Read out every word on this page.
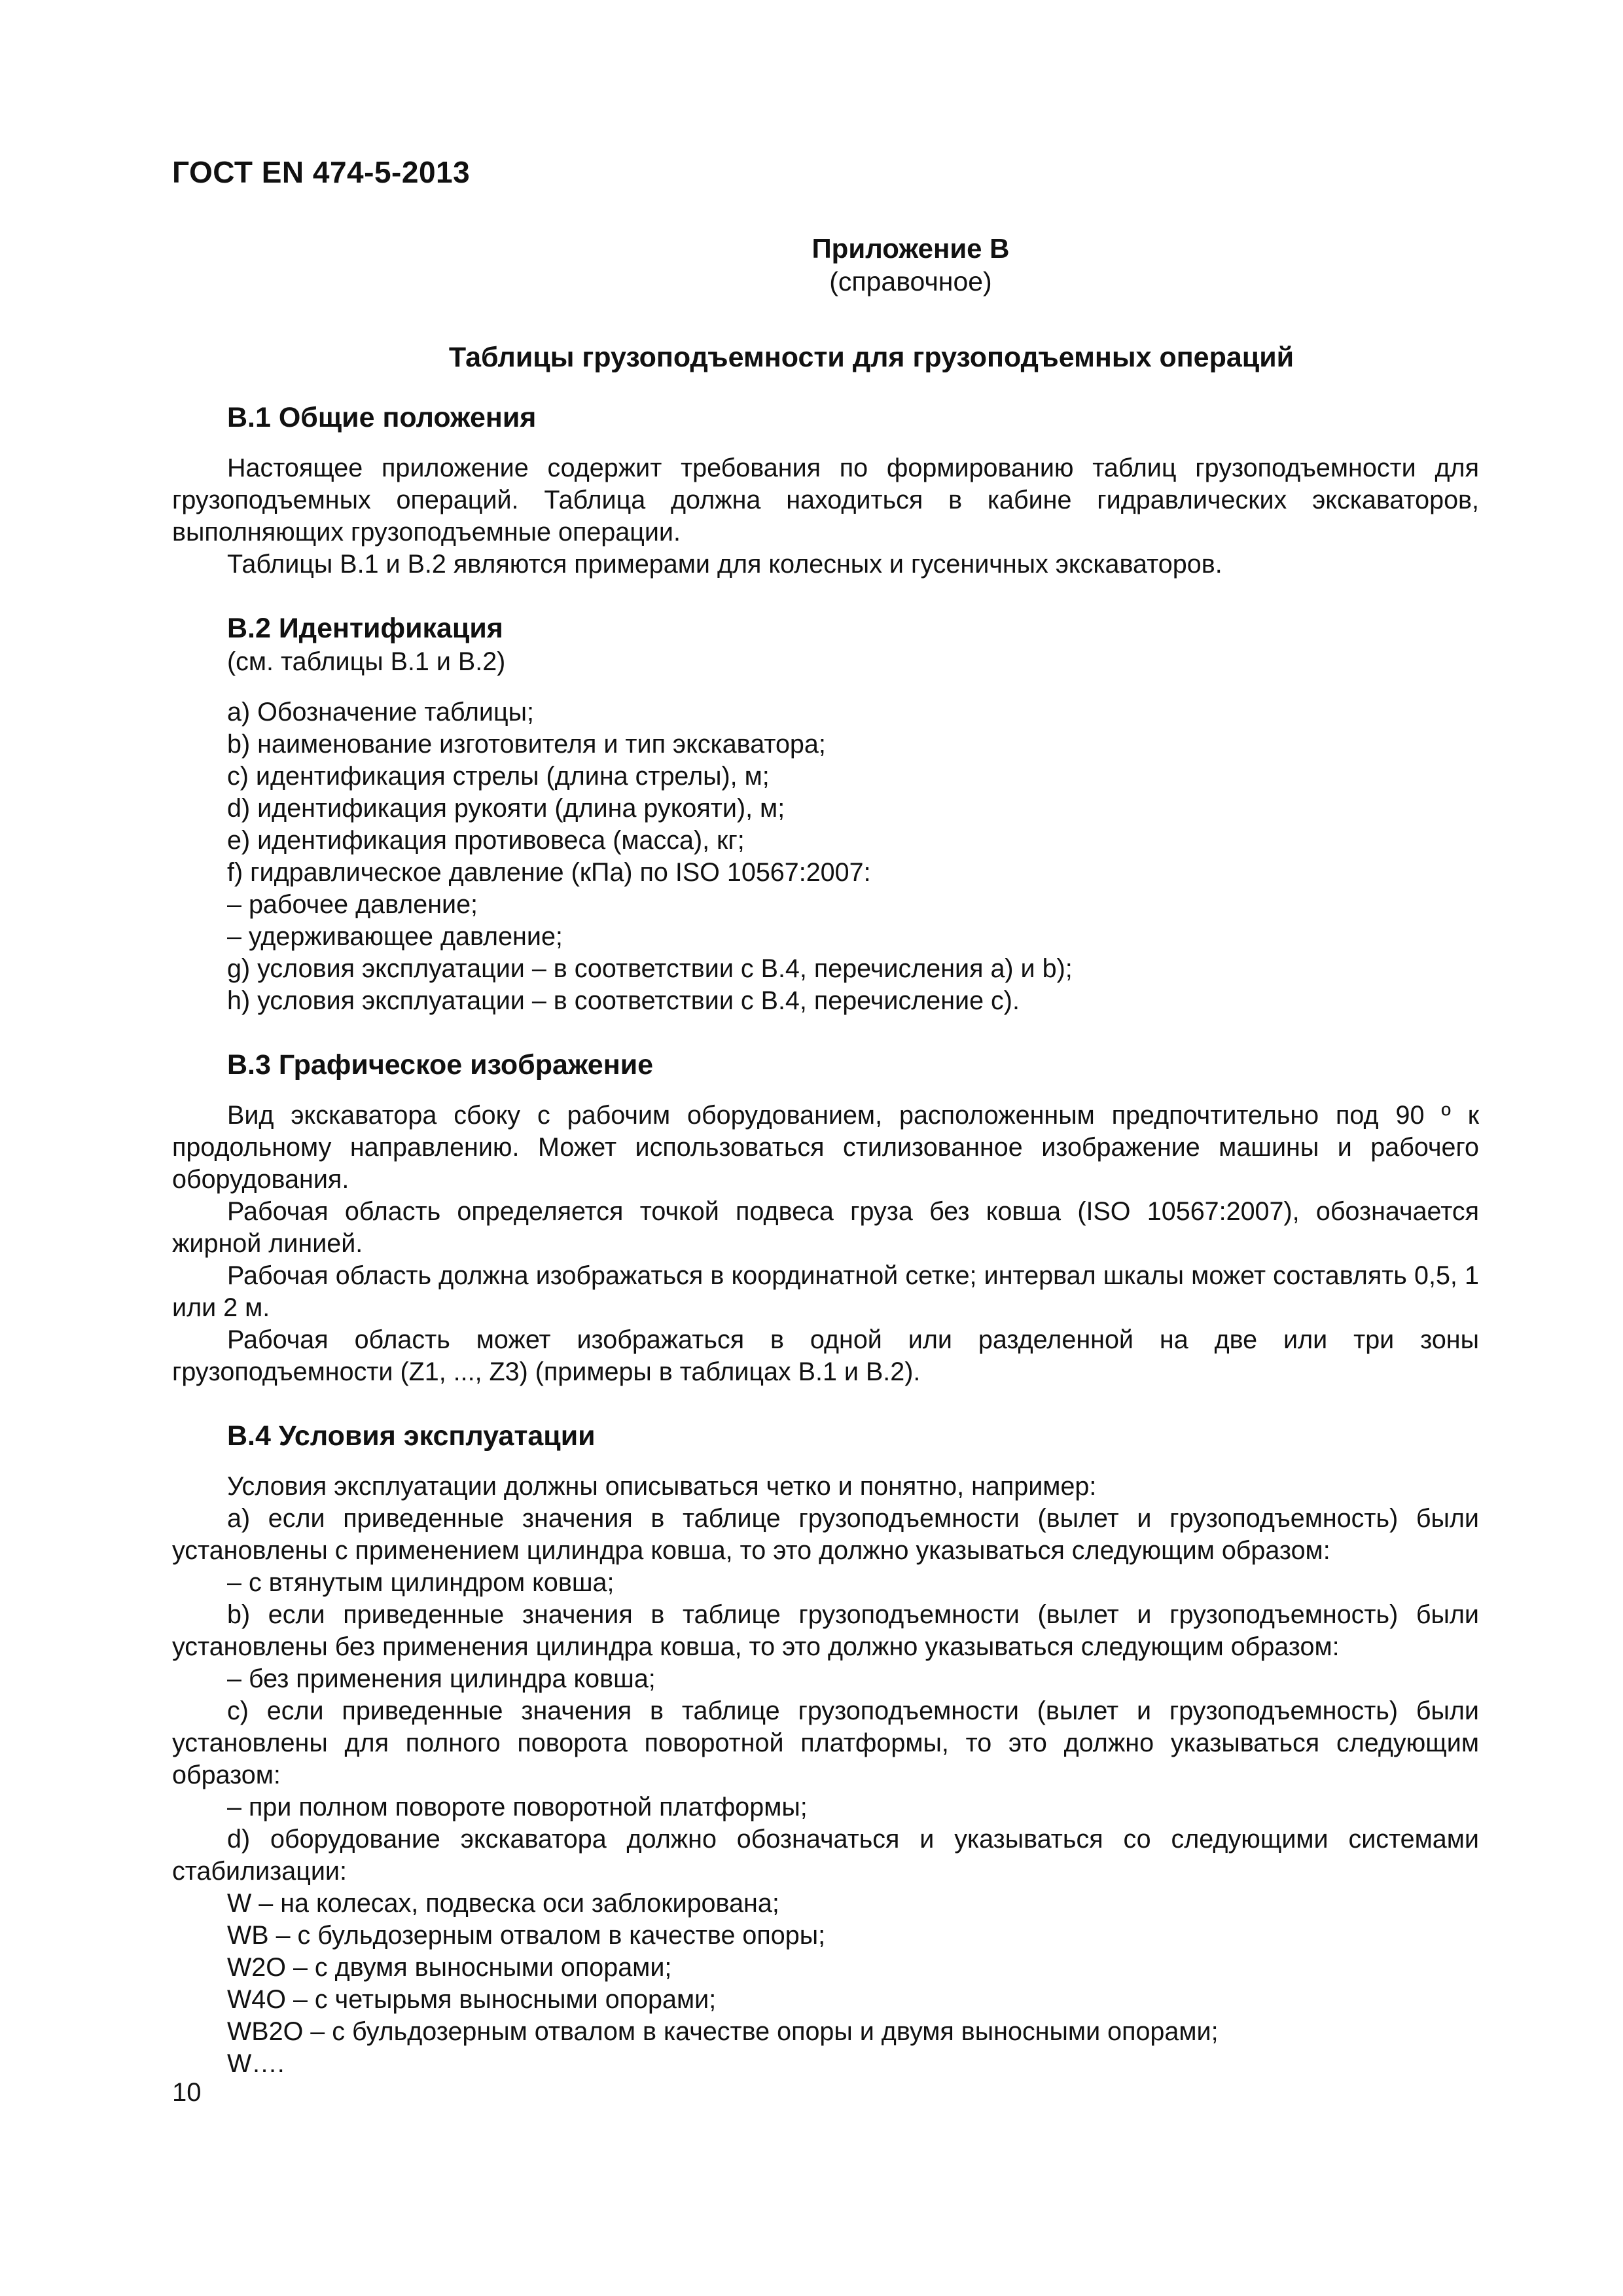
ГОСТ EN 474-5-2013
Приложение В
(справочное)
Таблицы грузоподъемности для грузоподъемных операций
В.1 Общие положения

Настоящее приложение содержит требования по формированию таблиц грузоподъемности для грузоподъемных операций. Таблица должна находиться в кабине гидравлических экскаваторов, выполняющих грузоподъемные операции.

Таблицы В.1 и В.2 являются примерами для колесных и гусеничных экскаваторов.

В.2 Идентификация
(см. таблицы В.1 и В.2)
a) Обозначение таблицы;
b) наименование изготовителя и тип экскаватора;
c) идентификация стрелы (длина стрелы), м;
d) идентификация рукояти (длина рукояти), м;
e) идентификация противовеса (масса), кг;
f) гидравлическое давление (кПа) по ISO 10567:2007:
– рабочее давление;
– удерживающее давление;
g) условия эксплуатации – в соответствии с В.4, перечисления а) и b);
h) условия эксплуатации – в соответствии с В.4, перечисление с).
В.3 Графическое изображение

Вид экскаватора сбоку с рабочим оборудованием, расположенным предпочтительно под 90 º к продольному направлению. Может использоваться стилизованное изображение машины и рабочего оборудования.

Рабочая область определяется точкой подвеса груза без ковша (ISO 10567:2007), обозначается жирной линией.

Рабочая область должна изображаться в координатной сетке; интервал шкалы может составлять 0,5, 1 или 2 м.

Рабочая область может изображаться в одной или разделенной на две или три зоны грузоподъемности (Z1, ..., Z3) (примеры в таблицах В.1 и В.2).

В.4 Условия эксплуатации

Условия эксплуатации должны описываться четко и понятно, например:

a) если приведенные значения в таблице грузоподъемности (вылет и грузоподъемность) были установлены с применением цилиндра ковша, то это должно указываться следующим образом:

– с втянутым цилиндром ковша;

b) если приведенные значения в таблице грузоподъемности (вылет и грузоподъемность) были установлены без применения цилиндра ковша, то это должно указываться следующим образом:

– без применения цилиндра ковша;

c) если приведенные значения в таблице грузоподъемности (вылет и грузоподъемность) были установлены для полного поворота поворотной платформы, то это должно указываться следующим образом:

– при полном повороте поворотной платформы;

d) оборудование экскаватора должно обозначаться и указываться со следующими системами стабилизации:

W – на колесах, подвеска оси заблокирована;
WB – с бульдозерным отвалом в качестве опоры;
W2O – с двумя выносными опорами;
W4O – с четырьмя выносными опорами;
WB2O – с бульдозерным отвалом в качестве опоры и двумя выносными опорами;
W….
10
